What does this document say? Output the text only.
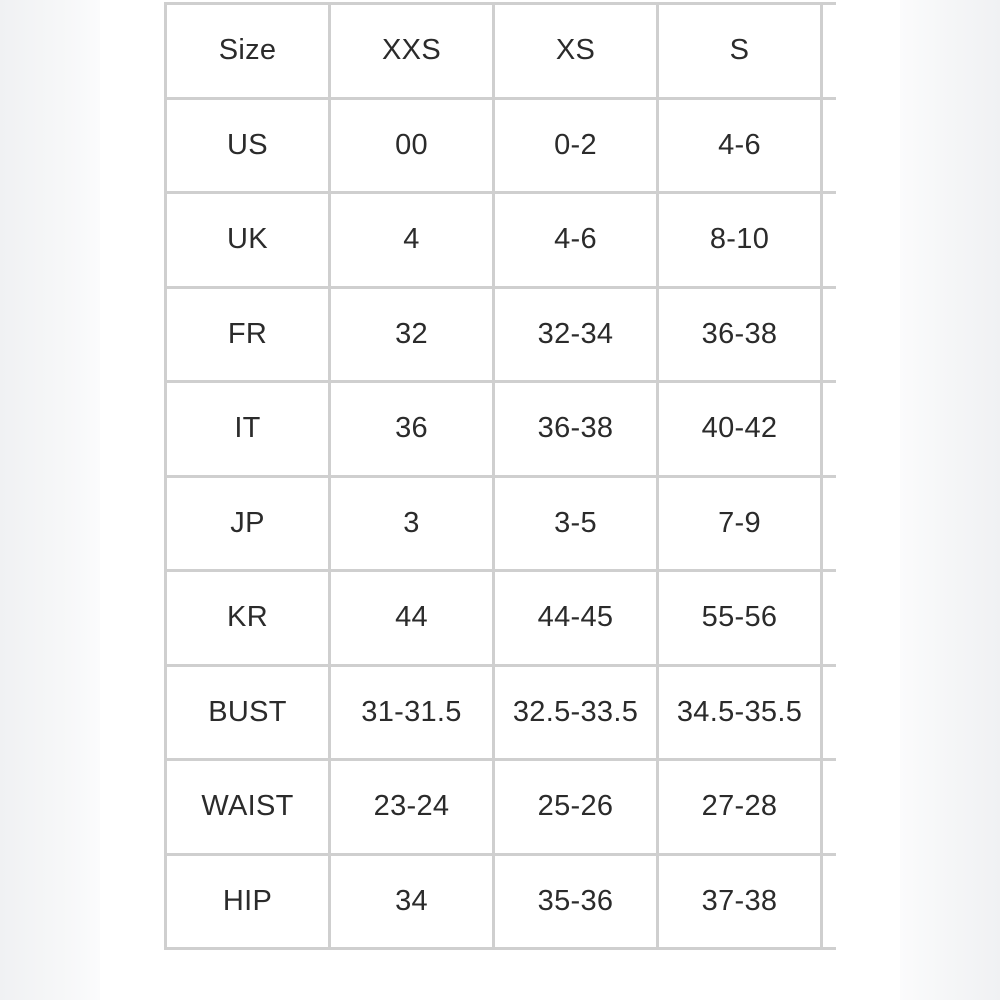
Size	XXS	XS	S	
US	00	0-2	4-6	
UK	4	4-6	8-10	
FR	32	32-34	36-38	
IT	36	36-38	40-42	
JP	3	3-5	7-9	
KR	44	44-45	55-56	
BUST	31-31.5	32.5-33.5	34.5-35.5	
WAIST	23-24	25-26	27-28	
HIP	34	35-36	37-38	
